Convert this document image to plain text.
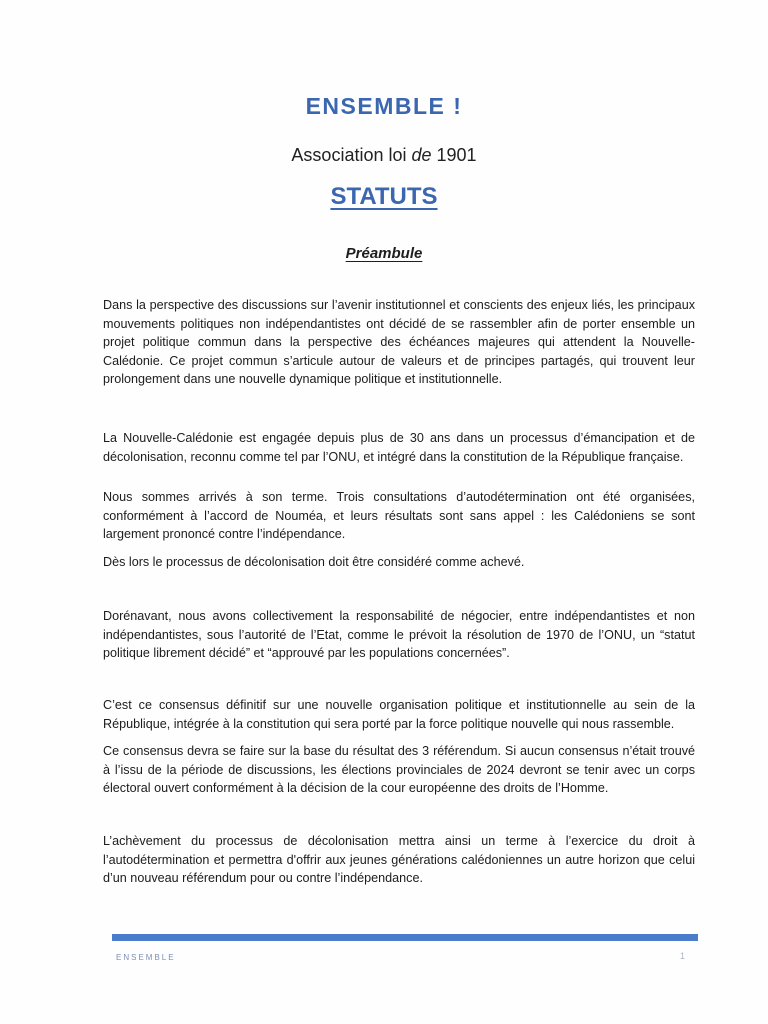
ENSEMBLE !
Association loi de 1901
STATUTS
Préambule

Dans la perspective des discussions sur l’avenir institutionnel et conscients des enjeux liés, les principaux mouvements politiques non indépendantistes ont décidé de se rassembler afin de porter ensemble un projet politique commun dans la perspective des échéances majeures qui attendent la Nouvelle-Calédonie. Ce projet commun s’articule autour de valeurs et de principes partagés, qui trouvent leur prolongement dans une nouvelle dynamique politique et institutionnelle.

La Nouvelle-Calédonie est engagée depuis plus de 30 ans dans un processus d’émancipation et de décolonisation, reconnu comme tel par l’ONU, et intégré dans la constitution de la République française.

Nous sommes arrivés à son terme. Trois consultations d’autodétermination ont été organisées, conformément à l’accord de Nouméa, et leurs résultats sont sans appel : les Calédoniens se sont largement prononcé contre l’indépendance.

Dès lors le processus de décolonisation doit être considéré comme achevé.

Dorénavant, nous avons collectivement la responsabilité de négocier, entre indépendantistes et non indépendantistes, sous l’autorité de l’Etat, comme le prévoit la résolution de 1970 de l’ONU, un “statut politique librement décidé” et “approuvé par les populations concernées”.

C’est ce consensus définitif sur une nouvelle organisation politique et institutionnelle au sein de la République, intégrée à la constitution qui sera porté par la force politique nouvelle qui nous rassemble.

Ce consensus devra se faire sur la base du résultat des 3 référendum. Si aucun consensus n’était trouvé à l’issu de la période de discussions, les élections provinciales de 2024 devront se tenir avec un corps électoral ouvert conformément à la décision de la cour européenne des droits de l’Homme.

L’achèvement du processus de décolonisation mettra ainsi un terme à l’exercice du droit à l’autodétermination et permettra d'offrir aux jeunes générations calédoniennes un autre horizon que celui d’un nouveau référendum pour ou contre l’indépendance.

ENSEMBLE	1
